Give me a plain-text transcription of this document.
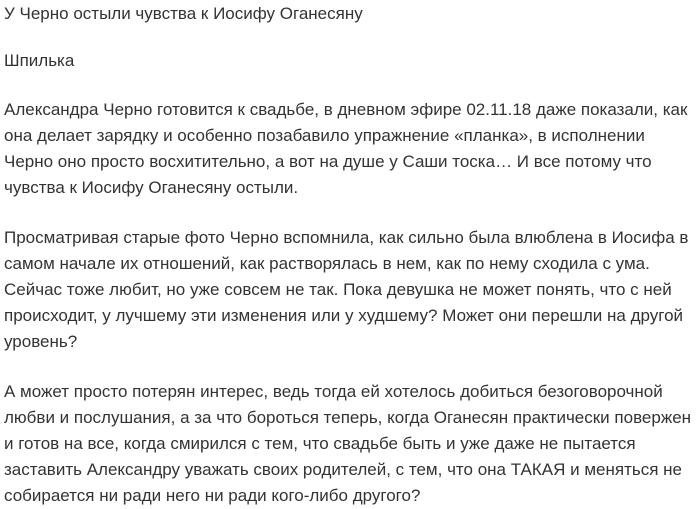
У Черно остыли чувства к Иосифу Оганесяну
Шпилька

Александра Черно готовится к свадьбе, в дневном эфире 02.11.18 даже показали, как она делает зарядку и особенно позабавило упражнение «планка», в исполнении Черно оно просто восхитительно, а вот на душе у Саши тоска… И все потому что чувства к Иосифу Оганесяну остыли.

Просматривая старые фото Черно вспомнила, как сильно была влюблена в Иосифа в самом начале их отношений, как растворялась в нем, как по нему сходила с ума. Сейчас тоже любит, но уже совсем не так. Пока девушка не может понять, что с ней происходит, у лучшему эти изменения или у худшему? Может они перешли на другой уровень?

А может просто потерян интерес, ведь тогда ей хотелось добиться безоговорочной любви и послушания, а за что бороться теперь, когда Оганесян практически повержен и готов на все, когда смирился с тем, что свадьбе быть и уже даже не пытается заставить Александру уважать своих родителей, с тем, что она ТАКАЯ и меняться не собирается ни ради него ни ради кого-либо другого?
